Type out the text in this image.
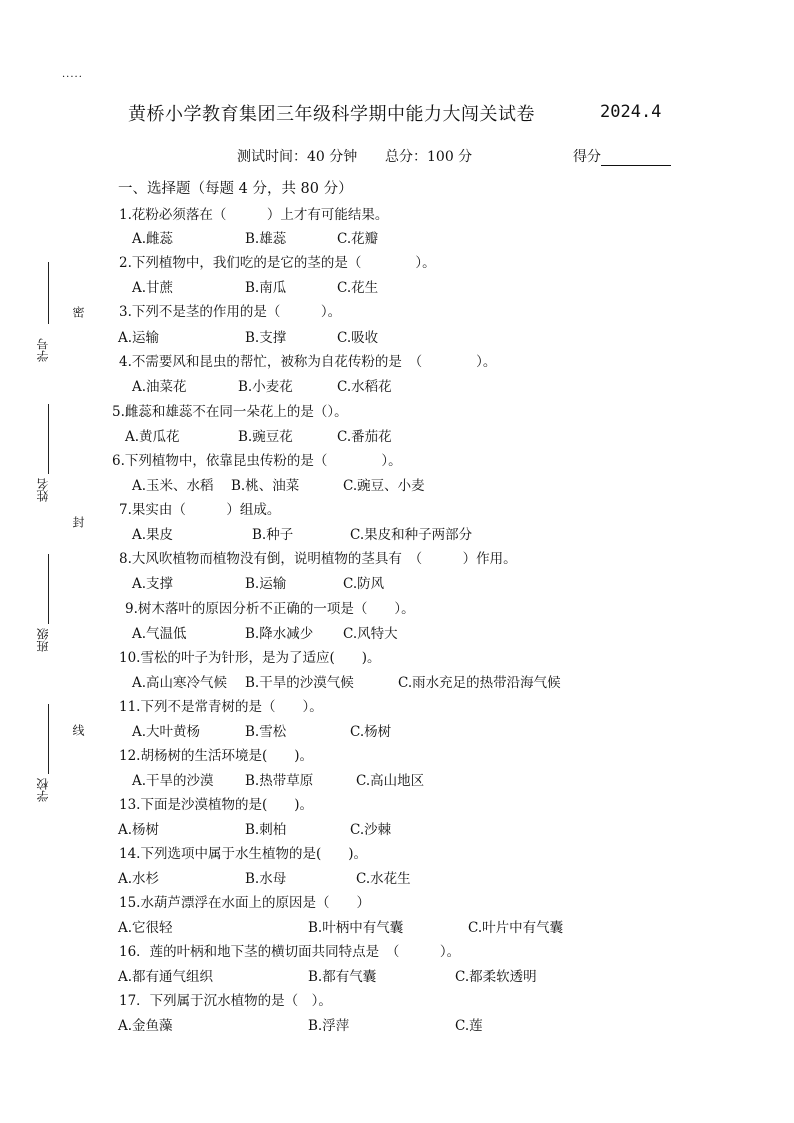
·····
黄桥小学教育集团三年级科学期中能力大闯关试卷	2024.4
测试时间：40 分钟 总分：100 分	得分
学号
姓名
班级
学校
密
封
线
一、选择题（每题 4 分，共 80 分）
1.花粉必须落在（　　　）上才有可能结果。
A.雌蕊	B.雄蕊	C.花瓣
2.下列植物中，我们吃的是它的茎的是（　　　　）。
A.甘蔗	B.南瓜	C.花生
3.下列不是茎的作用的是（　　　）。
A.运输	B.支撑	C.吸收
4.不需要风和昆虫的帮忙，被称为自花传粉的是　（　　　　）。
A.油菜花	B.小麦花	C.水稻花
5.雌蕊和雄蕊不在同一朵花上的是（）。
A.黄瓜花	B.豌豆花	C.番茄花
6.下列植物中，依靠昆虫传粉的是（　　　　）。
A.玉米、水稻 B.桃、油菜	C.豌豆、小麦
7.果实由（　　　）组成。
A.果皮	B.种子	C.果皮和种子两部分
8.大风吹植物而植物没有倒，说明植物的茎具有　（　　　）作用。
A.支撑	B.运输	C.防风
9.树木落叶的原因分析不正确的一项是（　　）。
A.气温低	B.降水减少 C.风特大
10.雪松的叶子为针形，是为了适应(　　)。
A.高山寒冷气候 B.干旱的沙漠气候	C.雨水充足的热带沿海气候
11.下列不是常青树的是（　　）。
A.大叶黄杨	B.雪松	C.杨树
12.胡杨树的生活环境是(　　)。
A.干旱的沙漠 B.热带草原	C.高山地区
13.下面是沙漠植物的是(　　)。
A.杨树	B.刺柏	C.沙棘
14.下列选项中属于水生植物的是(　　)。
A.水杉	B.水母	C.水花生
15.水葫芦漂浮在水面上的原因是（　　）
A.它很轻	B.叶柄中有气囊	C.叶片中有气囊
16．莲的叶柄和地下茎的横切面共同特点是　（　　　）。
A.都有通气组织	B.都有气囊	C.都柔软透明
17．下列属于沉水植物的是（　）。
A.金鱼藻	B.浮萍	C.莲
